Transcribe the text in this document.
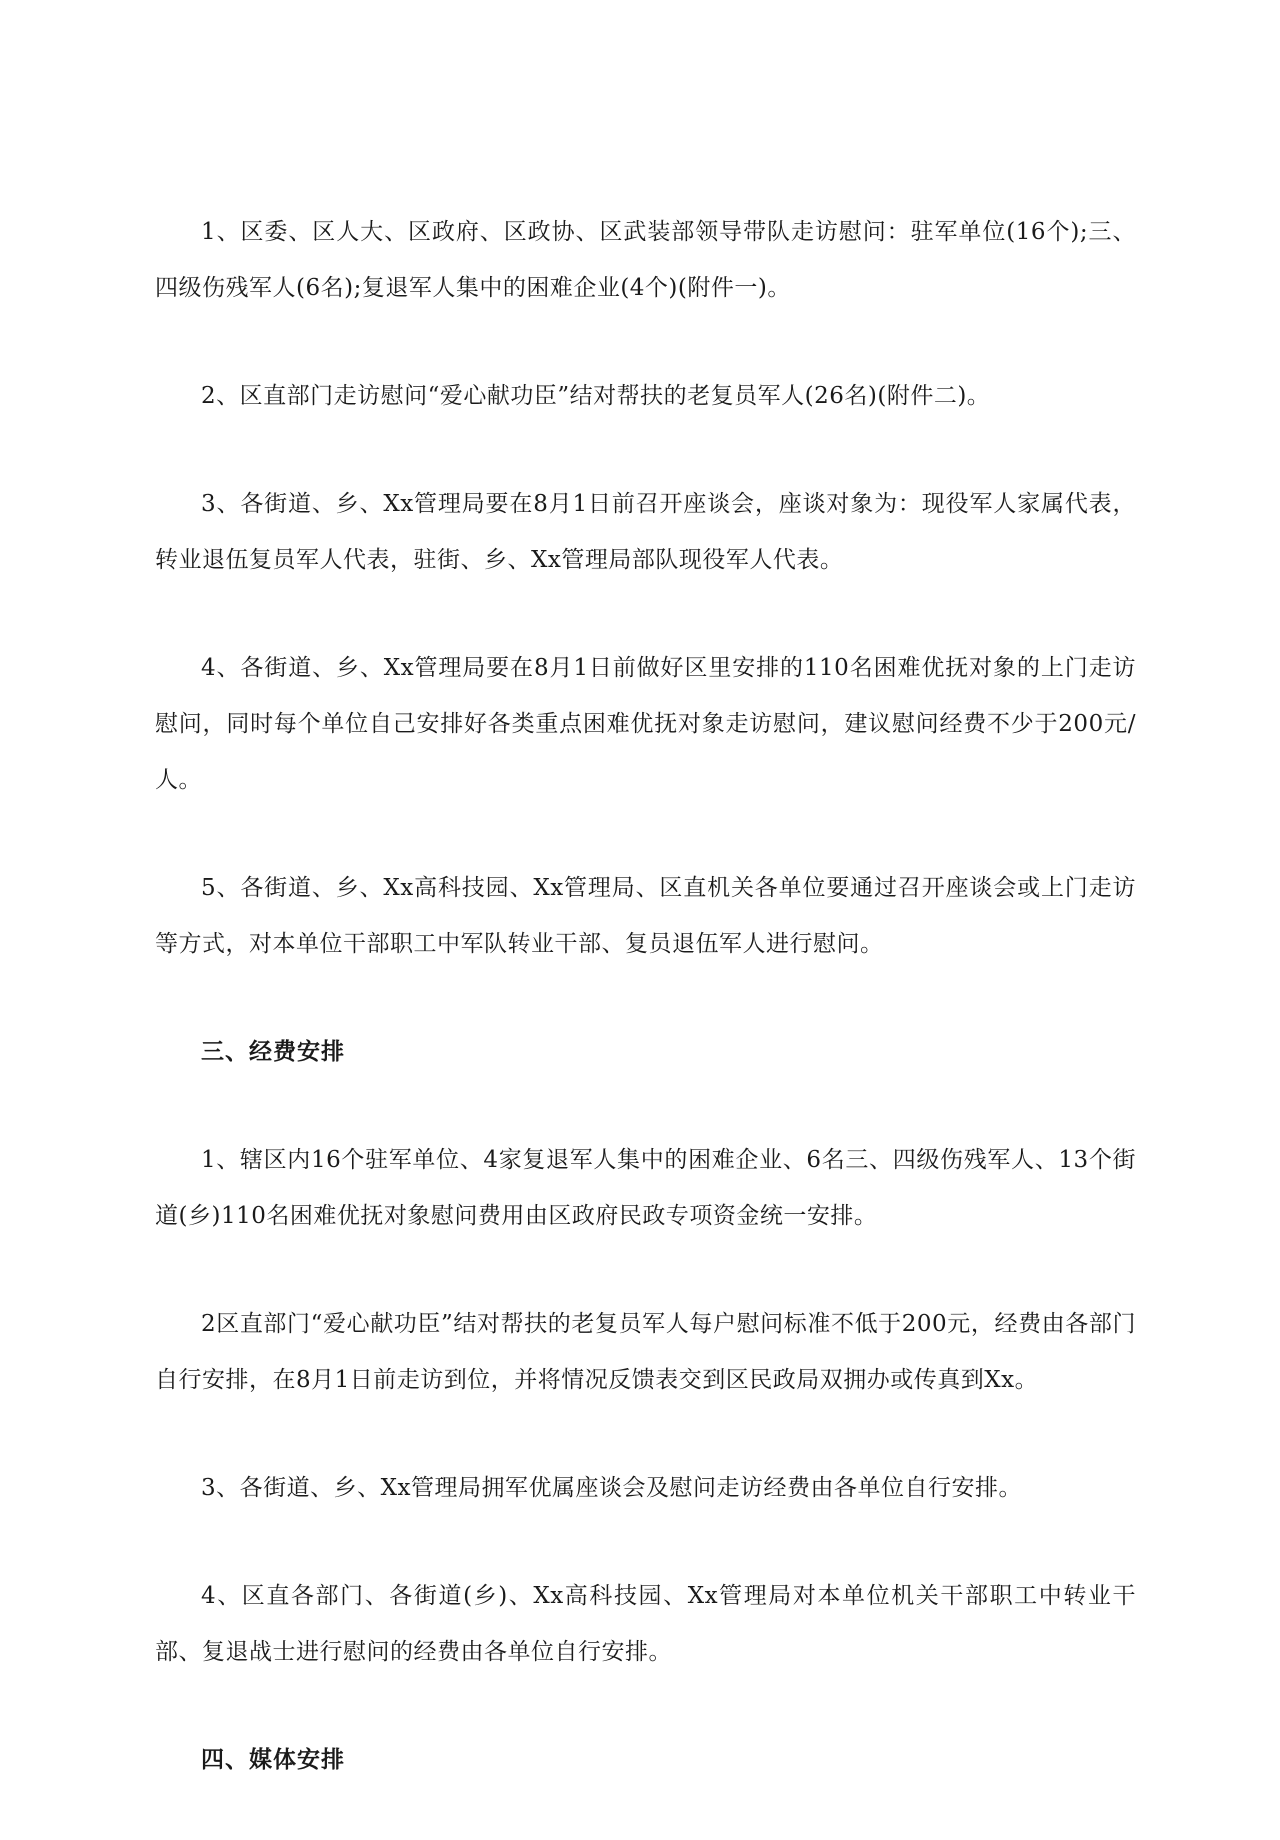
1、区委、区人大、区政府、区政协、区武装部领导带队走访慰问：驻军单位(16个);三、四级伤残军人(6名);复退军人集中的困难企业(4个)(附件一)。

2、区直部门走访慰问“爱心献功臣”结对帮扶的老复员军人(26名)(附件二)。

3、各街道、乡、Xx管理局要在8月1日前召开座谈会，座谈对象为：现役军人家属代表，转业退伍复员军人代表，驻街、乡、Xx管理局部队现役军人代表。

4、各街道、乡、Xx管理局要在8月1日前做好区里安排的110名困难优抚对象的上门走访慰问，同时每个单位自己安排好各类重点困难优抚对象走访慰问，建议慰问经费不少于200元/人。

5、各街道、乡、Xx高科技园、Xx管理局、区直机关各单位要通过召开座谈会或上门走访等方式，对本单位干部职工中军队转业干部、复员退伍军人进行慰问。

三、经费安排

1、辖区内16个驻军单位、4家复退军人集中的困难企业、6名三、四级伤残军人、13个街道(乡)110名困难优抚对象慰问费用由区政府民政专项资金统一安排。

2区直部门“爱心献功臣”结对帮扶的老复员军人每户慰问标准不低于200元，经费由各部门自行安排，在8月1日前走访到位，并将情况反馈表交到区民政局双拥办或传真到Xx。

3、各街道、乡、Xx管理局拥军优属座谈会及慰问走访经费由各单位自行安排。

4、区直各部门、各街道(乡)、Xx高科技园、Xx管理局对本单位机关干部职工中转业干部、复退战士进行慰问的经费由各单位自行安排。

四、媒体安排
